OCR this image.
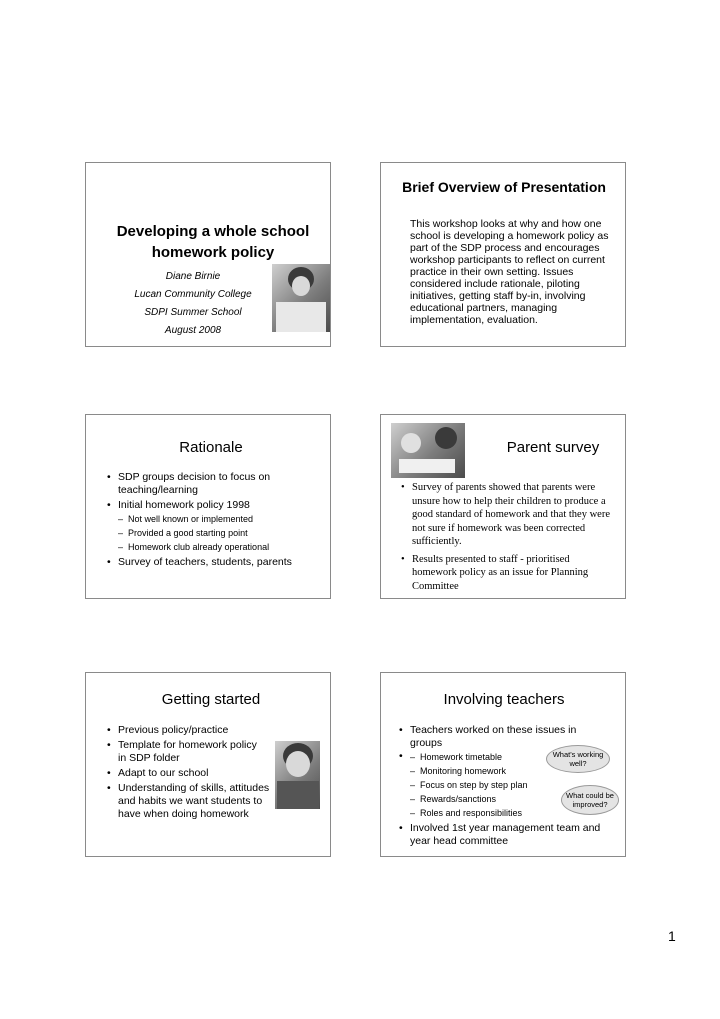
Developing a whole school homework policy
Diane Birnie
Lucan Community College
SDPI Summer School
August 2008
Brief Overview of Presentation
This workshop looks at why and how one school is developing a homework policy as part of the SDP process and encourages workshop participants to reflect on current practice in their own setting. Issues considered include rationale, piloting initiatives, getting staff by-in, involving educational partners, managing implementation, evaluation.
Rationale
• SDP groups decision to focus on teaching/learning
• Initial homework policy 1998
– Not well known or implemented
– Provided a good starting point
– Homework club already operational
• Survey of teachers, students, parents
Parent survey
• Survey of parents showed that parents were unsure how to help their children to produce a good standard of homework and that they were not sure if homework was been corrected sufficiently.
• Results presented to staff - prioritised homework policy as an issue for Planning Committee
Getting started
• Previous policy/practice
• Template for homework policy in SDP folder
• Adapt to our school
• Understanding of skills, attitudes and habits we want students to have when doing homework
Involving teachers
• Teachers worked on these issues in groups
– • Homework timetable
– Monitoring homework
– Focus on step by step plan
– Rewards/sanctions
– Roles and responsibilities
• Involved 1st year management team and year head committee
What's working well?
What could be improved?
1
